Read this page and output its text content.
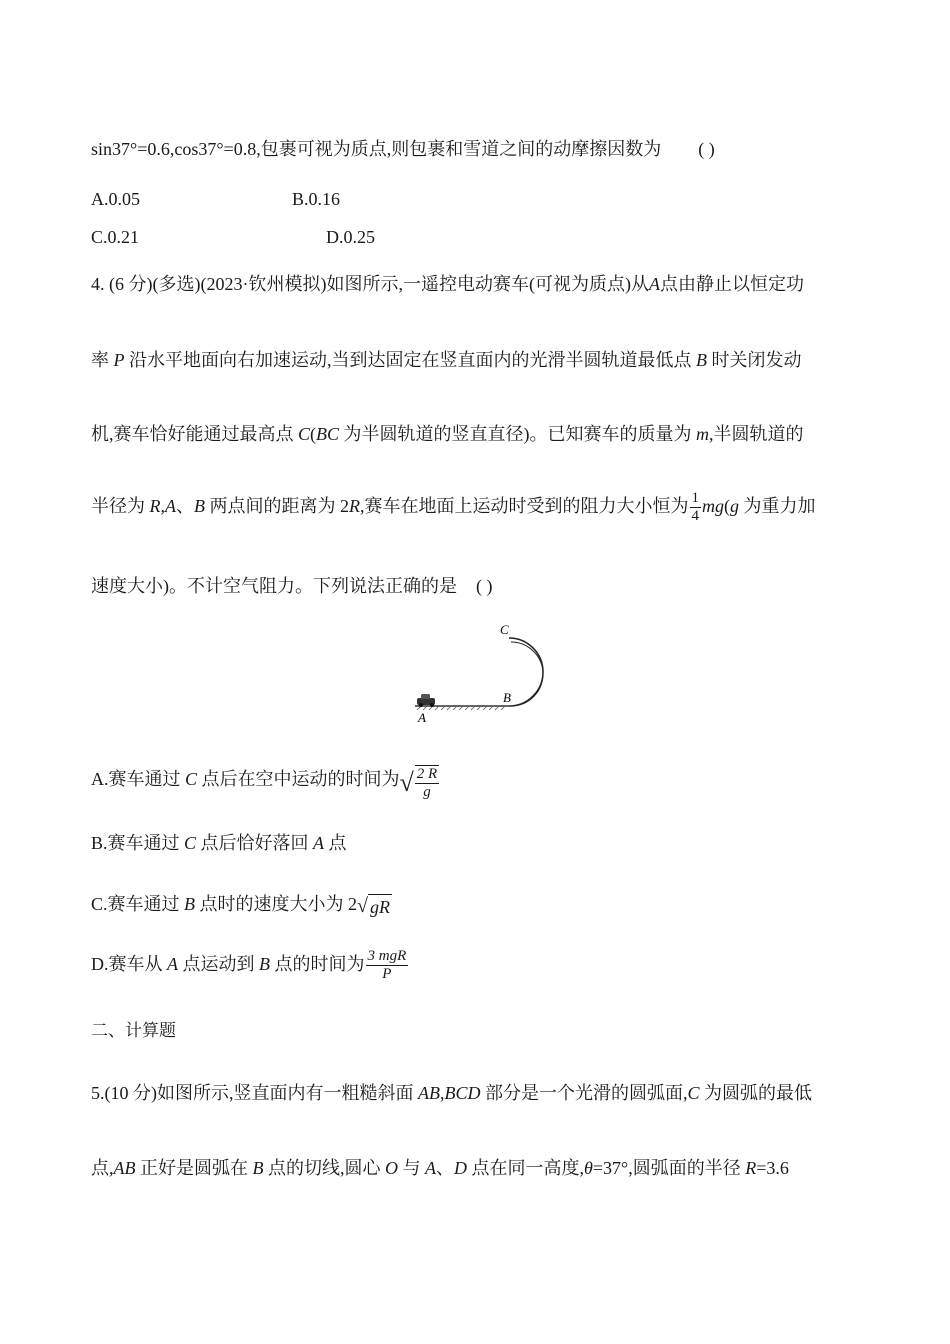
sin37°=0.6,cos37°=0.8,包裹可视为质点,则包裹和雪道之间的动摩擦因数为 ( )
A.0.05	B.0.16
C.0.21	D.0.25
4. (6 分)(多选)(2023·钦州模拟)如图所示,一遥控电动赛车(可视为质点)从A点由静止以恒定功
率 P 沿水平地面向右加速运动,当到达固定在竖直面内的光滑半圆轨道最低点 B 时关闭发动
机,赛车恰好能通过最高点 C(BC 为半圆轨道的竖直直径)。已知赛车的质量为 m,半圆轨道的
半径为 R,A、B 两点间的距离为 2R,赛车在地面上运动时受到的阻力大小恒为 $\frac{1}{4} mg(g$ 为重力加
速度大小)。不计空气阻力。下列说法正确的是 ( )
C
B
A
A.赛车通过 C 点后在空中运动的时间为√ $\frac{2 R}{g}$
B.赛车通过 C 点后恰好落回 A 点
C.赛车通过 B 点时的速度大小为 2√ gR
D.赛车从 A 点运动到 B 点的时间为 $\frac{\text{3 mgR}}{P}$
二、计算题
5.(10 分)如图所示,竖直面内有一粗糙斜面 AB,BCD 部分是一个光滑的圆弧面,C 为圆弧的最低
点,AB 正好是圆弧在 B 点的切线,圆心 O 与 A、D 点在同一高度,θ=37°,圆弧面的半径 R=3.6
